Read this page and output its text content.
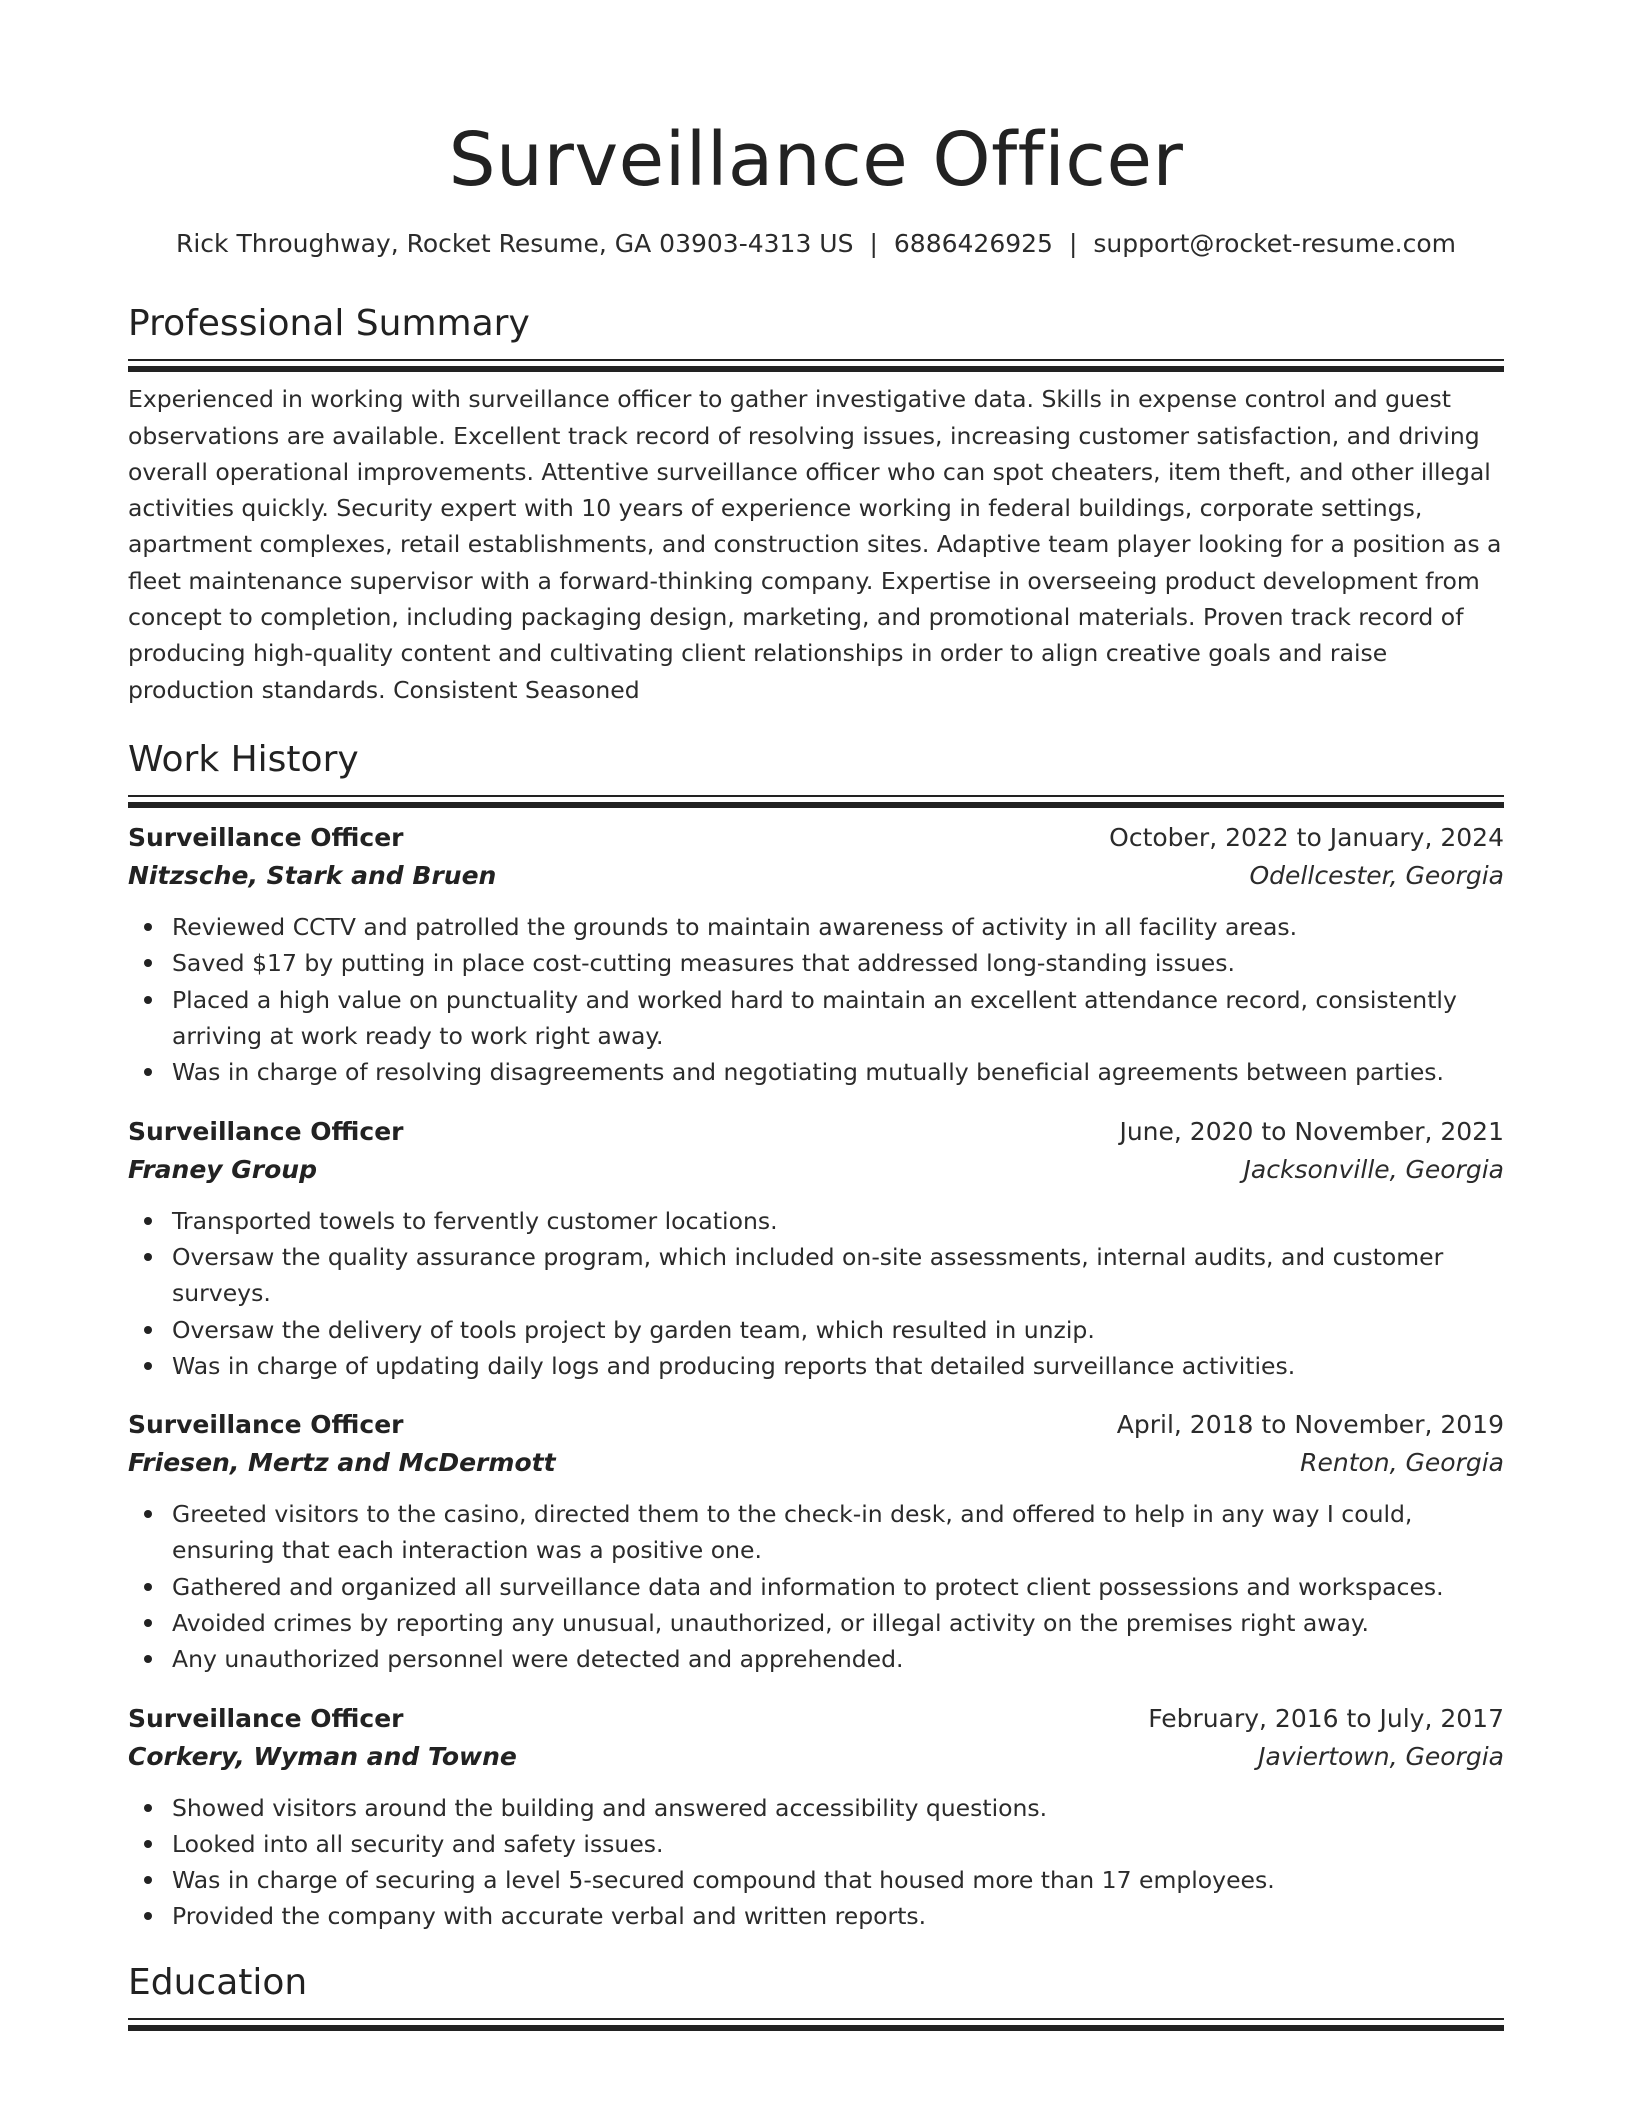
Surveillance Officer
Rick Throughway, Rocket Resume, GA 03903-4313 US | 6886426925 | support@rocket-resume.com
Professional Summary

Experienced in working with surveillance officer to gather investigative data. Skills in expense control and guest observations are available. Excellent track record of resolving issues, increasing customer satisfaction, and driving overall operational improvements. Attentive surveillance officer who can spot cheaters, item theft, and other illegal activities quickly. Security expert with 10 years of experience working in federal buildings, corporate settings, apartment complexes, retail establishments, and construction sites. Adaptive team player looking for a position as a fleet maintenance supervisor with a forward-thinking company. Expertise in overseeing product development from concept to completion, including packaging design, marketing, and promotional materials. Proven track record of producing high-quality content and cultivating client relationships in order to align creative goals and raise production standards. Consistent Seasoned

Work History
Surveillance Officer	October, 2022 to January, 2024
Nitzsche, Stark and Bruen	Odellcester, Georgia
Reviewed CCTV and patrolled the grounds to maintain awareness of activity in all facility areas.
Saved $17 by putting in place cost-cutting measures that addressed long-standing issues.
Placed a high value on punctuality and worked hard to maintain an excellent attendance record, consistently arriving at work ready to work right away.
Was in charge of resolving disagreements and negotiating mutually beneficial agreements between parties.
Surveillance Officer	June, 2020 to November, 2021
Franey Group	Jacksonville, Georgia
Transported towels to fervently customer locations.
Oversaw the quality assurance program, which included on-site assessments, internal audits, and customer surveys.
Oversaw the delivery of tools project by garden team, which resulted in unzip.
Was in charge of updating daily logs and producing reports that detailed surveillance activities.
Surveillance Officer	April, 2018 to November, 2019
Friesen, Mertz and McDermott	Renton, Georgia
Greeted visitors to the casino, directed them to the check-in desk, and offered to help in any way I could, ensuring that each interaction was a positive one.
Gathered and organized all surveillance data and information to protect client possessions and workspaces.
Avoided crimes by reporting any unusual, unauthorized, or illegal activity on the premises right away.
Any unauthorized personnel were detected and apprehended.
Surveillance Officer	February, 2016 to July, 2017
Corkery, Wyman and Towne	Javiertown, Georgia
Showed visitors around the building and answered accessibility questions.
Looked into all security and safety issues.
Was in charge of securing a level 5-secured compound that housed more than 17 employees.
Provided the company with accurate verbal and written reports.
Education
